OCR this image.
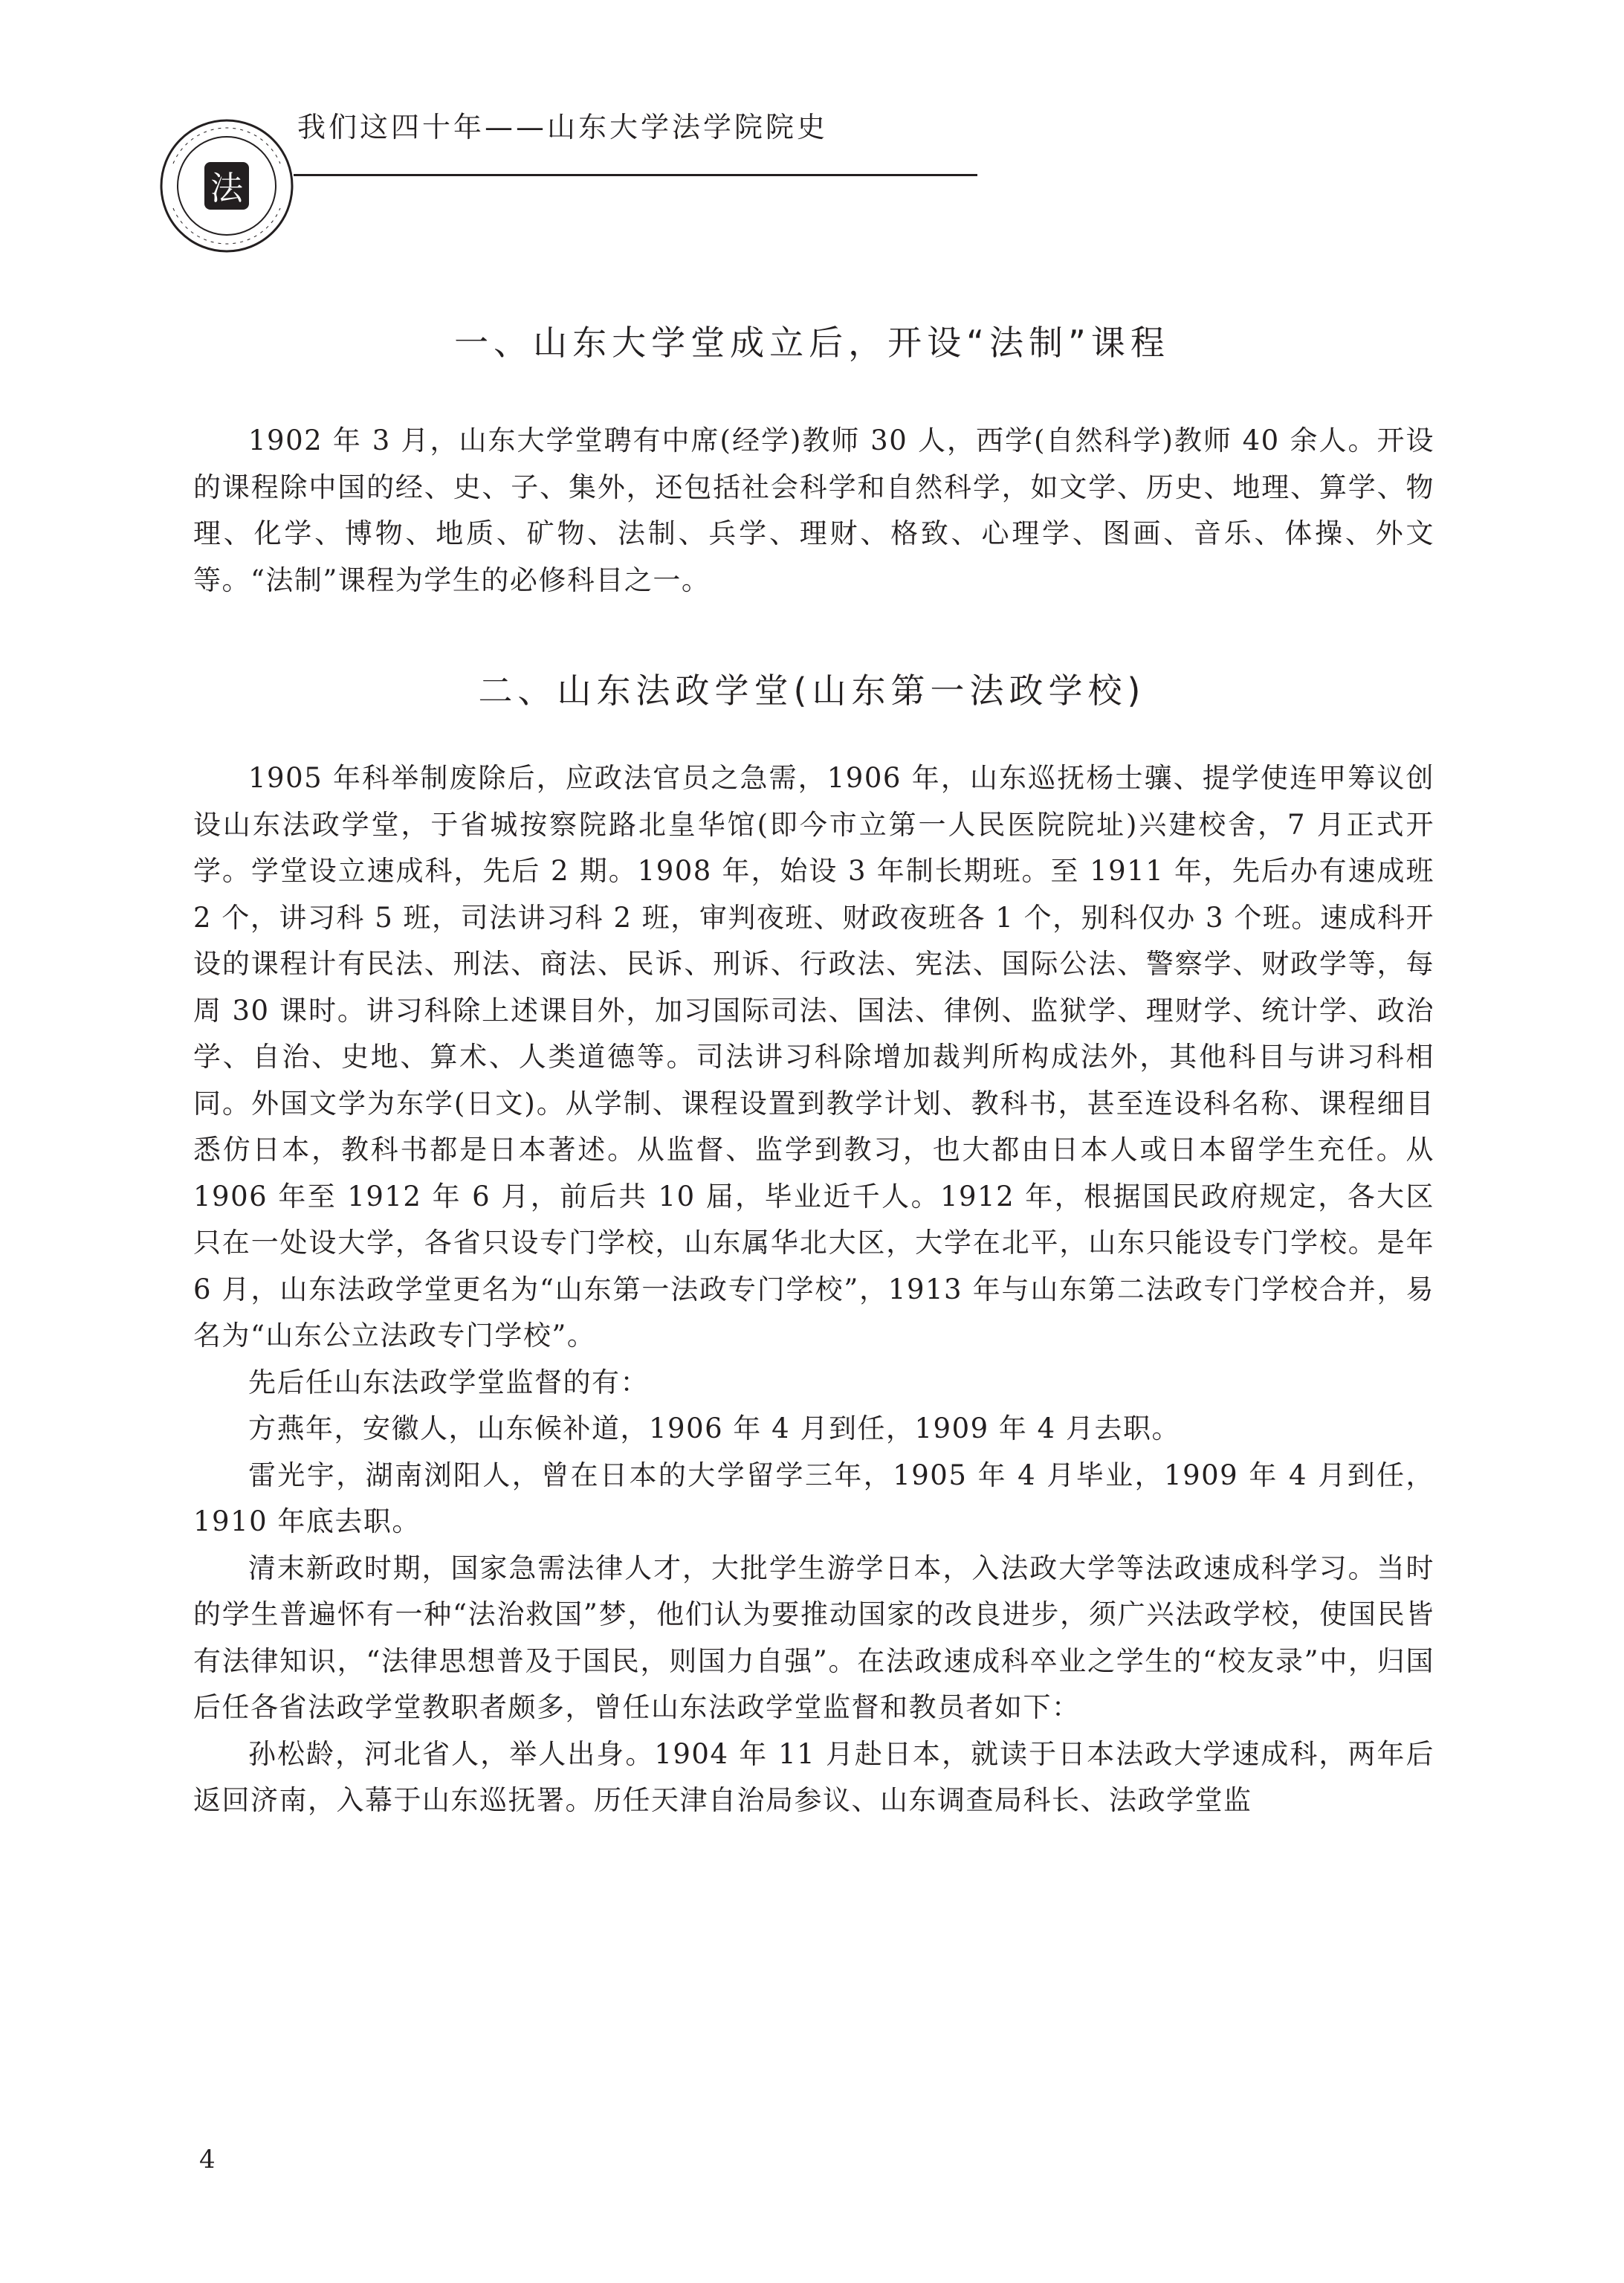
法
我们这四十年——山东大学法学院院史
一、山东大学堂成立后，开设“法制”课程

1902 年 3 月，山东大学堂聘有中席(经学)教师 30 人，西学(自然科学)教师 40 余人。开设的课程除中国的经、史、子、集外，还包括社会科学和自然科学，如文学、历史、地理、算学、物理、化学、博物、地质、矿物、法制、兵学、理财、格致、心理学、图画、音乐、体操、外文等。“法制”课程为学生的必修科目之一。

二、山东法政学堂(山东第一法政学校)

1905 年科举制废除后，应政法官员之急需，1906 年，山东巡抚杨士骧、提学使连甲筹议创设山东法政学堂，于省城按察院路北皇华馆(即今市立第一人民医院院址)兴建校舍，7 月正式开学。学堂设立速成科，先后 2 期。1908 年，始设 3 年制长期班。至 1911 年，先后办有速成班 2 个，讲习科 5 班，司法讲习科 2 班，审判夜班、财政夜班各 1 个，别科仅办 3 个班。速成科开设的课程计有民法、刑法、商法、民诉、刑诉、行政法、宪法、国际公法、警察学、财政学等，每周 30 课时。讲习科除上述课目外，加习国际司法、国法、律例、监狱学、理财学、统计学、政治学、自治、史地、算术、人类道德等。司法讲习科除增加裁判所构成法外，其他科目与讲习科相同。外国文学为东学(日文)。从学制、课程设置到教学计划、教科书，甚至连设科名称、课程细目悉仿日本，教科书都是日本著述。从监督、监学到教习，也大都由日本人或日本留学生充任。从 1906 年至 1912 年 6 月，前后共 10 届，毕业近千人。1912 年，根据国民政府规定，各大区只在一处设大学，各省只设专门学校，山东属华北大区，大学在北平，山东只能设专门学校。是年 6 月，山东法政学堂更名为“山东第一法政专门学校”，1913 年与山东第二法政专门学校合并，易名为“山东公立法政专门学校”。

先后任山东法政学堂监督的有：

方燕年，安徽人，山东候补道，1906 年 4 月到任，1909 年 4 月去职。

雷光宇，湖南浏阳人，曾在日本的大学留学三年，1905 年 4 月毕业，1909 年 4 月到任，1910 年底去职。

清末新政时期，国家急需法律人才，大批学生游学日本，入法政大学等法政速成科学习。当时的学生普遍怀有一种“法治救国”梦，他们认为要推动国家的改良进步，须广兴法政学校，使国民皆有法律知识，“法律思想普及于国民，则国力自强”。在法政速成科卒业之学生的“校友录”中，归国后任各省法政学堂教职者颇多，曾任山东法政学堂监督和教员者如下：

孙松龄，河北省人，举人出身。1904 年 11 月赴日本，就读于日本法政大学速成科，两年后返回济南，入幕于山东巡抚署。历任天津自治局参议、山东调查局科长、法政学堂监

4
